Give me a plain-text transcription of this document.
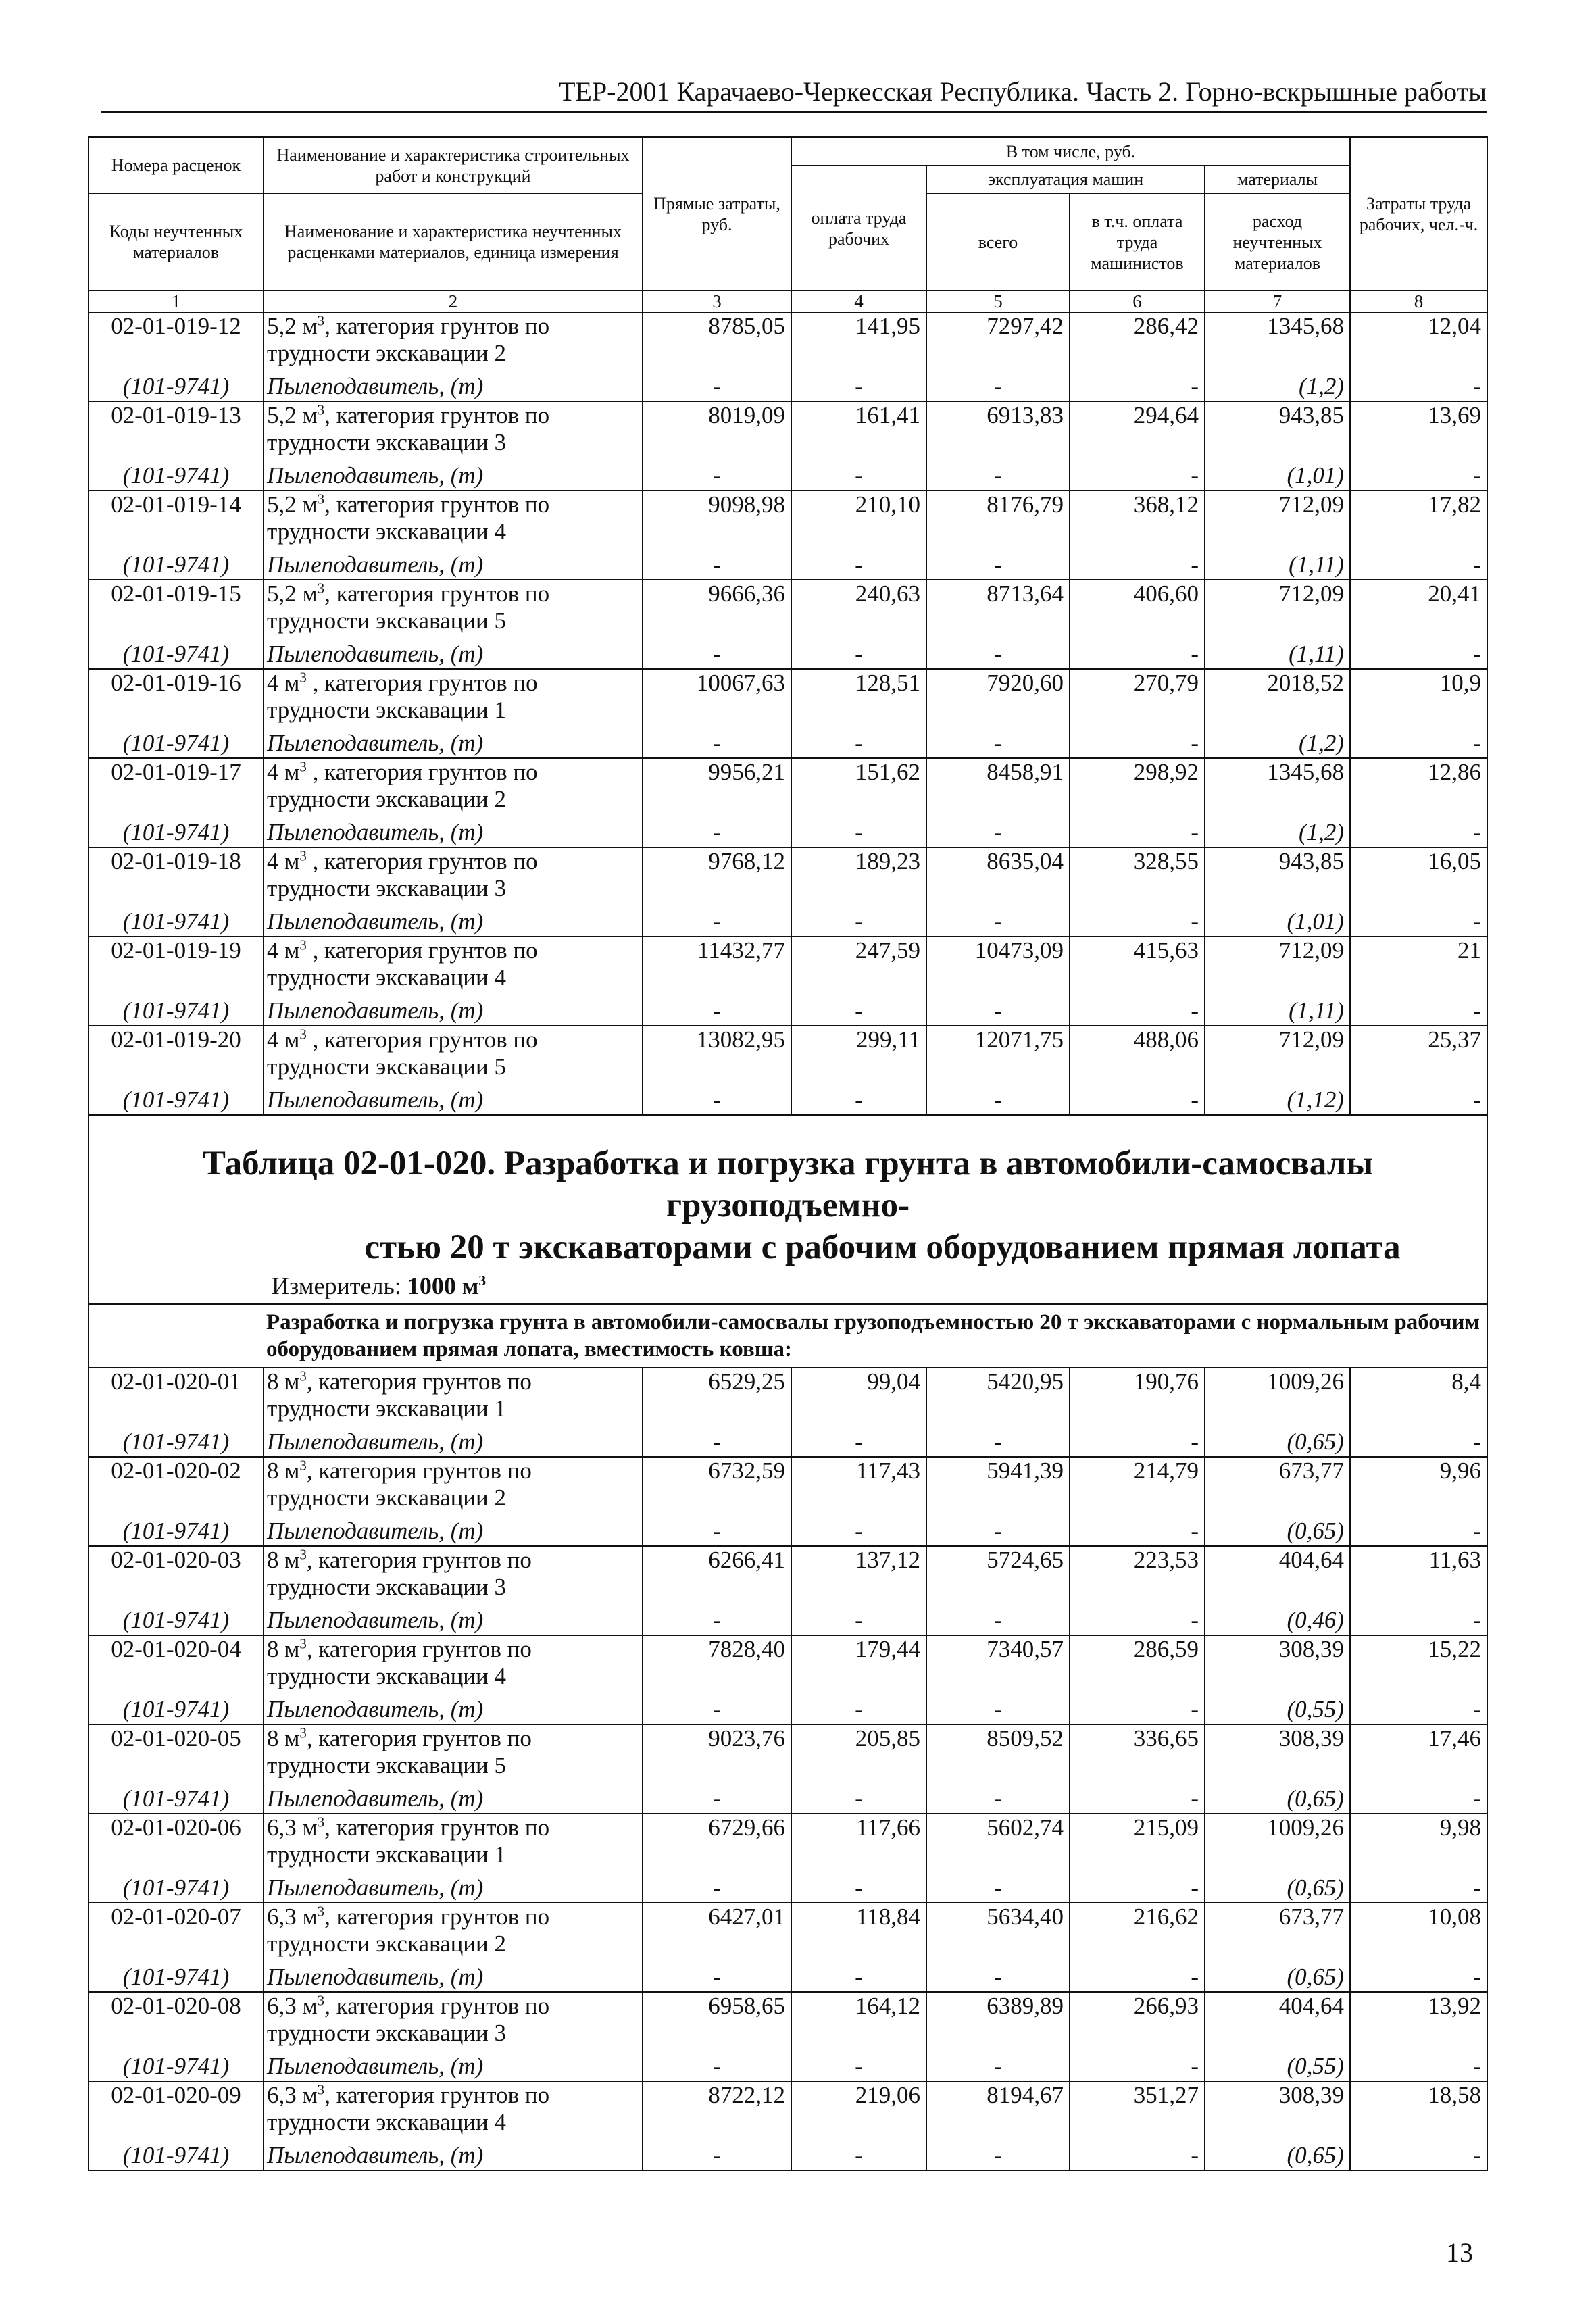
ТЕР-2001 Карачаево-Черкесская Республика. Часть 2. Горно-вскрышные работы
Номера расценок	Наименование и характеристика строительных работ и конструкций	Прямые затраты, руб.	В том числе, руб.				Затраты труда рабочих, чел.-ч.
			оплата труда рабочих	эксплуатация машин		материалы	
Коды неучтенных материалов	Наименование и характеристика неучтенных расценками материалов, единица измерения			всего	в т.ч. оплата труда машинистов	расход неучтенных материалов	

1	2	3	4	5	6	7	8
02-01-019-12	5,2 $м^3$, категория грунтов по трудности экскавации 2	8785,05	141,95	7297,42	286,42	1345,68	12,04
(101-9741)	Пылеподавитель, (т)	-	-	-	-	(1,2)	-
02-01-019-13	5,2 $м^3$, категория грунтов по трудности экскавации 3	8019,09	161,41	6913,83	294,64	943,85	13,69
(101-9741)	Пылеподавитель, (т)	-	-	-	-	(1,01)	-
02-01-019-14	5,2 $м^3$, категория грунтов по трудности экскавации 4	9098,98	210,10	8176,79	368,12	712,09	17,82
(101-9741)	Пылеподавитель, (т)	-	-	-	-	(1,11)	-
02-01-019-15	5,2 $м^3$, категория грунтов по трудности экскавации 5	9666,36	240,63	8713,64	406,60	712,09	20,41
(101-9741)	Пылеподавитель, (т)	-	-	-	-	(1,11)	-
02-01-019-16	4 $м^3$ , категория грунтов по трудности экскавации 1	10067,63	128,51	7920,60	270,79	2018,52	10,9
(101-9741)	Пылеподавитель, (т)	-	-	-	-	(1,2)	-
02-01-019-17	4 $м^3$ , категория грунтов по трудности экскавации 2	9956,21	151,62	8458,91	298,92	1345,68	12,86
(101-9741)	Пылеподавитель, (т)	-	-	-	-	(1,2)	-
02-01-019-18	4 $м^3$ , категория грунтов по трудности экскавации 3	9768,12	189,23	8635,04	328,55	943,85	16,05
(101-9741)	Пылеподавитель, (т)	-	-	-	-	(1,01)	-
02-01-019-19	4 $м^3$ , категория грунтов по трудности экскавации 4	11432,77	247,59	10473,09	415,63	712,09	21
(101-9741)	Пылеподавитель, (т)	-	-	-	-	(1,11)	-
02-01-019-20	4 $м^3$ , категория грунтов по трудности экскавации 5	13082,95	299,11	12071,75	488,06	712,09	25,37
(101-9741)	Пылеподавитель, (т)	-	-	-	-	(1,12)	-

Таблица 02-01-020. Разработка и погрузка грунта в автомобили-самосвалы грузоподъемно-
стью 20 т экскаваторами с рабочим оборудованием прямая лопата							

Измеритель: 1000 $м^3$
Разработка и погрузка грунта в автомобили-самосвалы грузоподъемностью 20 т экскаваторами с нормальным рабочим оборудованием прямая лопата, вместимость ковша:							
02-01-020-01	8 $м^3$, категория грунтов по трудности экскавации 1	6529,25	99,04	5420,95	190,76	1009,26	8,4
(101-9741)	Пылеподавитель, (т)	-	-	-	-	(0,65)	-
02-01-020-02	8 $м^3$, категория грунтов по трудности экскавации 2	6732,59	117,43	5941,39	214,79	673,77	9,96
(101-9741)	Пылеподавитель, (т)	-	-	-	-	(0,65)	-
02-01-020-03	8 $м^3$, категория грунтов по трудности экскавации 3	6266,41	137,12	5724,65	223,53	404,64	11,63
(101-9741)	Пылеподавитель, (т)	-	-	-	-	(0,46)	-
02-01-020-04	8 $м^3$, категория грунтов по трудности экскавации 4	7828,40	179,44	7340,57	286,59	308,39	15,22
(101-9741)	Пылеподавитель, (т)	-	-	-	-	(0,55)	-
02-01-020-05	8 $м^3$, категория грунтов по трудности экскавации 5	9023,76	205,85	8509,52	336,65	308,39	17,46
(101-9741)	Пылеподавитель, (т)	-	-	-	-	(0,65)	-
02-01-020-06	6,3 $м^3$, категория грунтов по трудности экскавации 1	6729,66	117,66	5602,74	215,09	1009,26	9,98
(101-9741)	Пылеподавитель, (т)	-	-	-	-	(0,65)	-
02-01-020-07	6,3 $м^3$, категория грунтов по трудности экскавации 2	6427,01	118,84	5634,40	216,62	673,77	10,08
(101-9741)	Пылеподавитель, (т)	-	-	-	-	(0,65)	-
02-01-020-08	6,3 $м^3$, категория грунтов по трудности экскавации 3	6958,65	164,12	6389,89	266,93	404,64	13,92
(101-9741)	Пылеподавитель, (т)	-	-	-	-	(0,55)	-
02-01-020-09	6,3 $м^3$, категория грунтов по трудности экскавации 4	8722,12	219,06	8194,67	351,27	308,39	18,58
(101-9741)	Пылеподавитель, (т)	-	-	-	-	(0,65)	-
13
